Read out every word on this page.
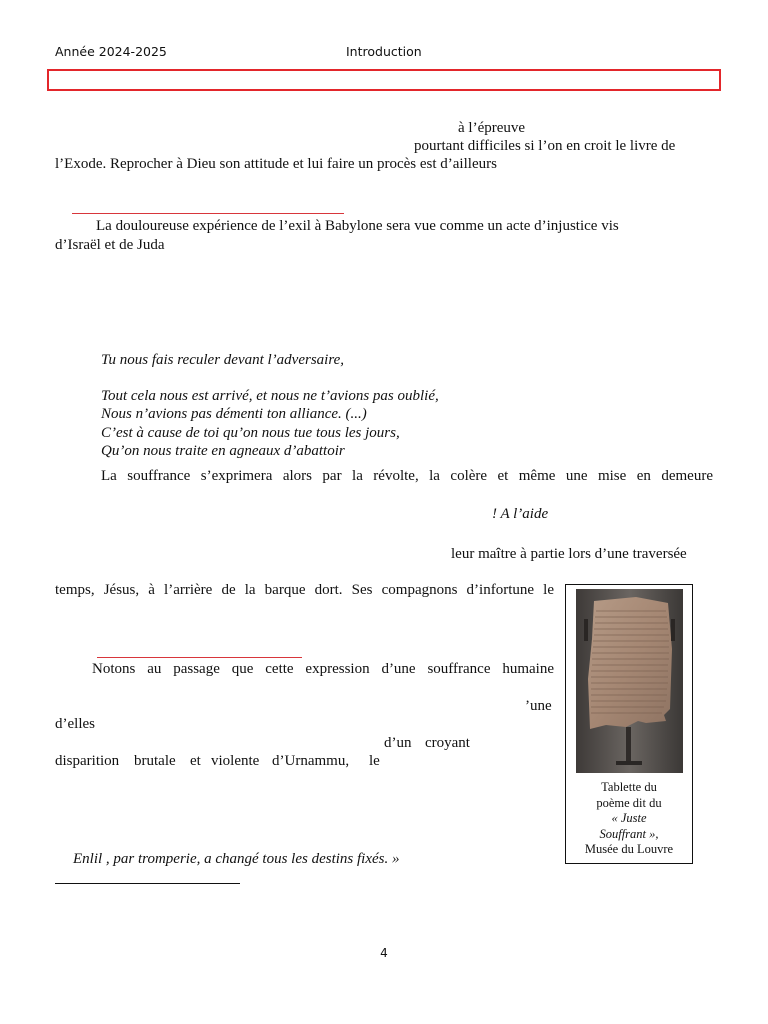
Année 2024-2025	Introduction
à l’épreuve
pourtant difficiles si l’on en croit le livre de
l’Exode. Reprocher à Dieu son attitude et lui faire un procès est d’ailleurs
La douloureuse expérience de l’exil à Babylone sera vue comme un acte d’injustice vis
d’Israël et de Juda
Tu nous fais reculer devant l’adversaire,
Tout cela nous est arrivé, et nous ne t’avions pas oublié,
Nous n’avions pas démenti ton alliance. (...)
C’est à cause de toi qu’on nous tue tous les jours,
Qu’on nous traite en agneaux d’abattoir
La souffrance s’exprimera alors par la révolte, la colère et même une mise en demeure
! A l’aide
leur maître à partie lors d’une traversée
temps, Jésus, à l’arrière de la barque dort. Ses compagnons d’infortune le
Notons au passage que cette expression d’une souffrance humaine
’une
d’elles
d’un croyant
disparition brutale et violente d’Urnammu, le
Enlil , par tromperie, a changé tous les destins fixés. »
Tablette du
poème dit du
« Juste
Souffrant »,
Musée du Louvre
4
